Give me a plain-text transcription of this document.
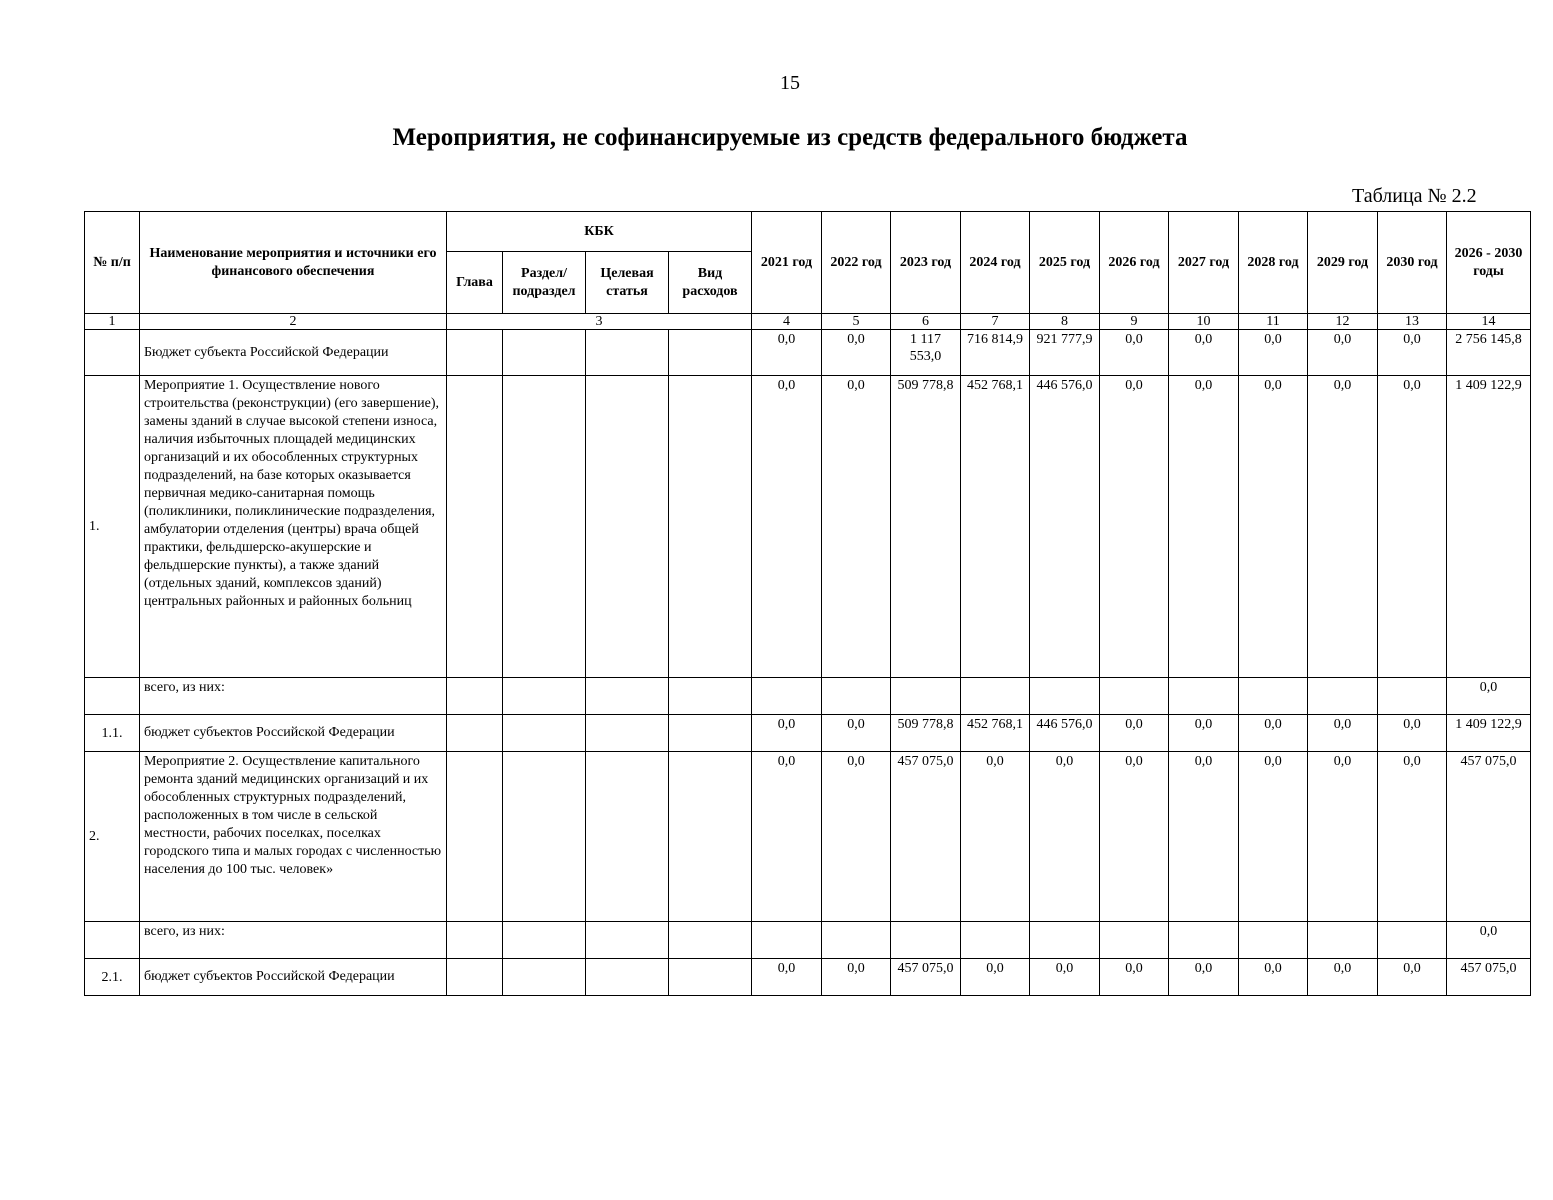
15
Мероприятия, не софинансируемые из средств федерального бюджета
Таблица № 2.2
№ п/п	Наименование мероприятия и источники его финансового обеспечения	КБК				2021 год	2022 год	2023 год	2024 год	2025 год	2026 год	2027 год	2028 год	2029 год	2030 год	2026 - 2030 годы
		Глава	Раздел/ подраздел	Целевая статья	Вид расходов											
1	2	3				4	5	6	7	8	9	10	11	12	13	14
	Бюджет субъекта Российской Федерации					0,0	0,0	1 117 553,0	716 814,9	921 777,9	0,0	0,0	0,0	0,0	0,0	2 756 145,8
1.	Мероприятие 1. Осуществление нового строительства (реконструкции) (его завершение), замены зданий в случае высокой степени износа, наличия избыточных площадей медицинских организаций и их обособленных структурных подразделений, на базе которых оказывается первичная медико-санитарная помощь (поликлиники, поликлинические подразделения, амбулатории отделения (центры) врача общей практики, фельдшерско-акушерские и фельдшерские пункты), а также зданий (отдельных зданий, комплексов зданий) центральных районных и районных больниц					0,0	0,0	509 778,8	452 768,1	446 576,0	0,0	0,0	0,0	0,0	0,0	1 409 122,9
	всего, из них:															0,0
1.1.	бюджет субъектов Российской Федерации					0,0	0,0	509 778,8	452 768,1	446 576,0	0,0	0,0	0,0	0,0	0,0	1 409 122,9
2.	Мероприятие 2. Осуществление капитального ремонта зданий медицинских организаций и их обособленных структурных подразделений, расположенных в том числе в сельской местности, рабочих поселках, поселках городского типа и малых городах с численностью населения до 100 тыс. человек»					0,0	0,0	457 075,0	0,0	0,0	0,0	0,0	0,0	0,0	0,0	457 075,0
	всего, из них:															0,0
2.1.	бюджет субъектов Российской Федерации					0,0	0,0	457 075,0	0,0	0,0	0,0	0,0	0,0	0,0	0,0	457 075,0
